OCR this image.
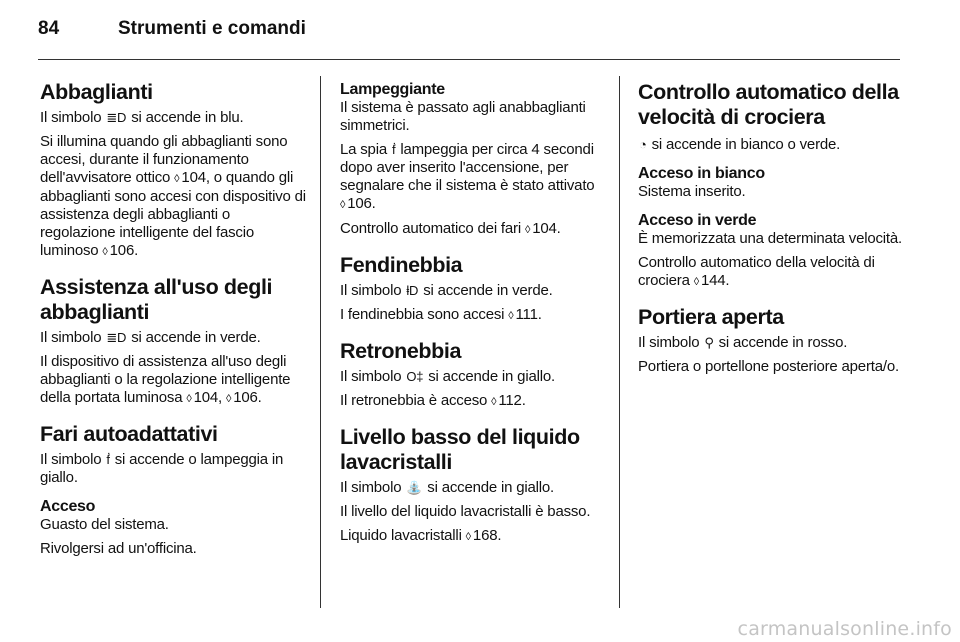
84	Strumenti e comandi
Abbaglianti

Il simbolo ≣D si accende in blu.

Si illumina quando gli abbaglianti sono accesi, durante il funzionamento dell'avvisatore ottico ◊ 104, o quando gli abbaglianti sono accesi con dispositivo di assistenza degli abbaglianti o regolazione intelligente del fascio luminoso ◊ 106.

Assistenza all'uso degli abbaglianti

Il simbolo ≣D si accende in verde.

Il dispositivo di assistenza all'uso degli abbaglianti o la regolazione intelligente della portata luminosa ◊ 104, ◊ 106.

Fari autoadattativi

Il simbolo ḟ si accende o lampeggia in giallo.

Acceso

Guasto del sistema.

Rivolgersi ad un'officina.

Lampeggiante

Il sistema è passato agli anabbaglianti simmetrici.

La spia ḟ lampeggia per circa 4 secondi dopo aver inserito l'accensione, per segnalare che il sistema è stato attivato ◊ 106.

Controllo automatico dei fari ◊ 104.

Fendinebbia

Il simbolo ⱡD si accende in verde.

I fendinebbia sono accesi ◊ 111.

Retronebbia

Il simbolo O‡ si accende in giallo.

Il retronebbia è acceso ◊ 112.

Livello basso del liquido lavacristalli

Il simbolo ⛲ si accende in giallo.

Il livello del liquido lavacristalli è basso.

Liquido lavacristalli ◊ 168.

Controllo automatico della velocità di crociera

◔ si accende in bianco o verde.

Acceso in bianco

Sistema inserito.

Acceso in verde

È memorizzata una determinata velocità.

Controllo automatico della velocità di crociera ◊ 144.

Portiera aperta

Il simbolo ⚲ si accende in rosso.

Portiera o portellone posteriore aperta/o.

carmanualsonline.info
